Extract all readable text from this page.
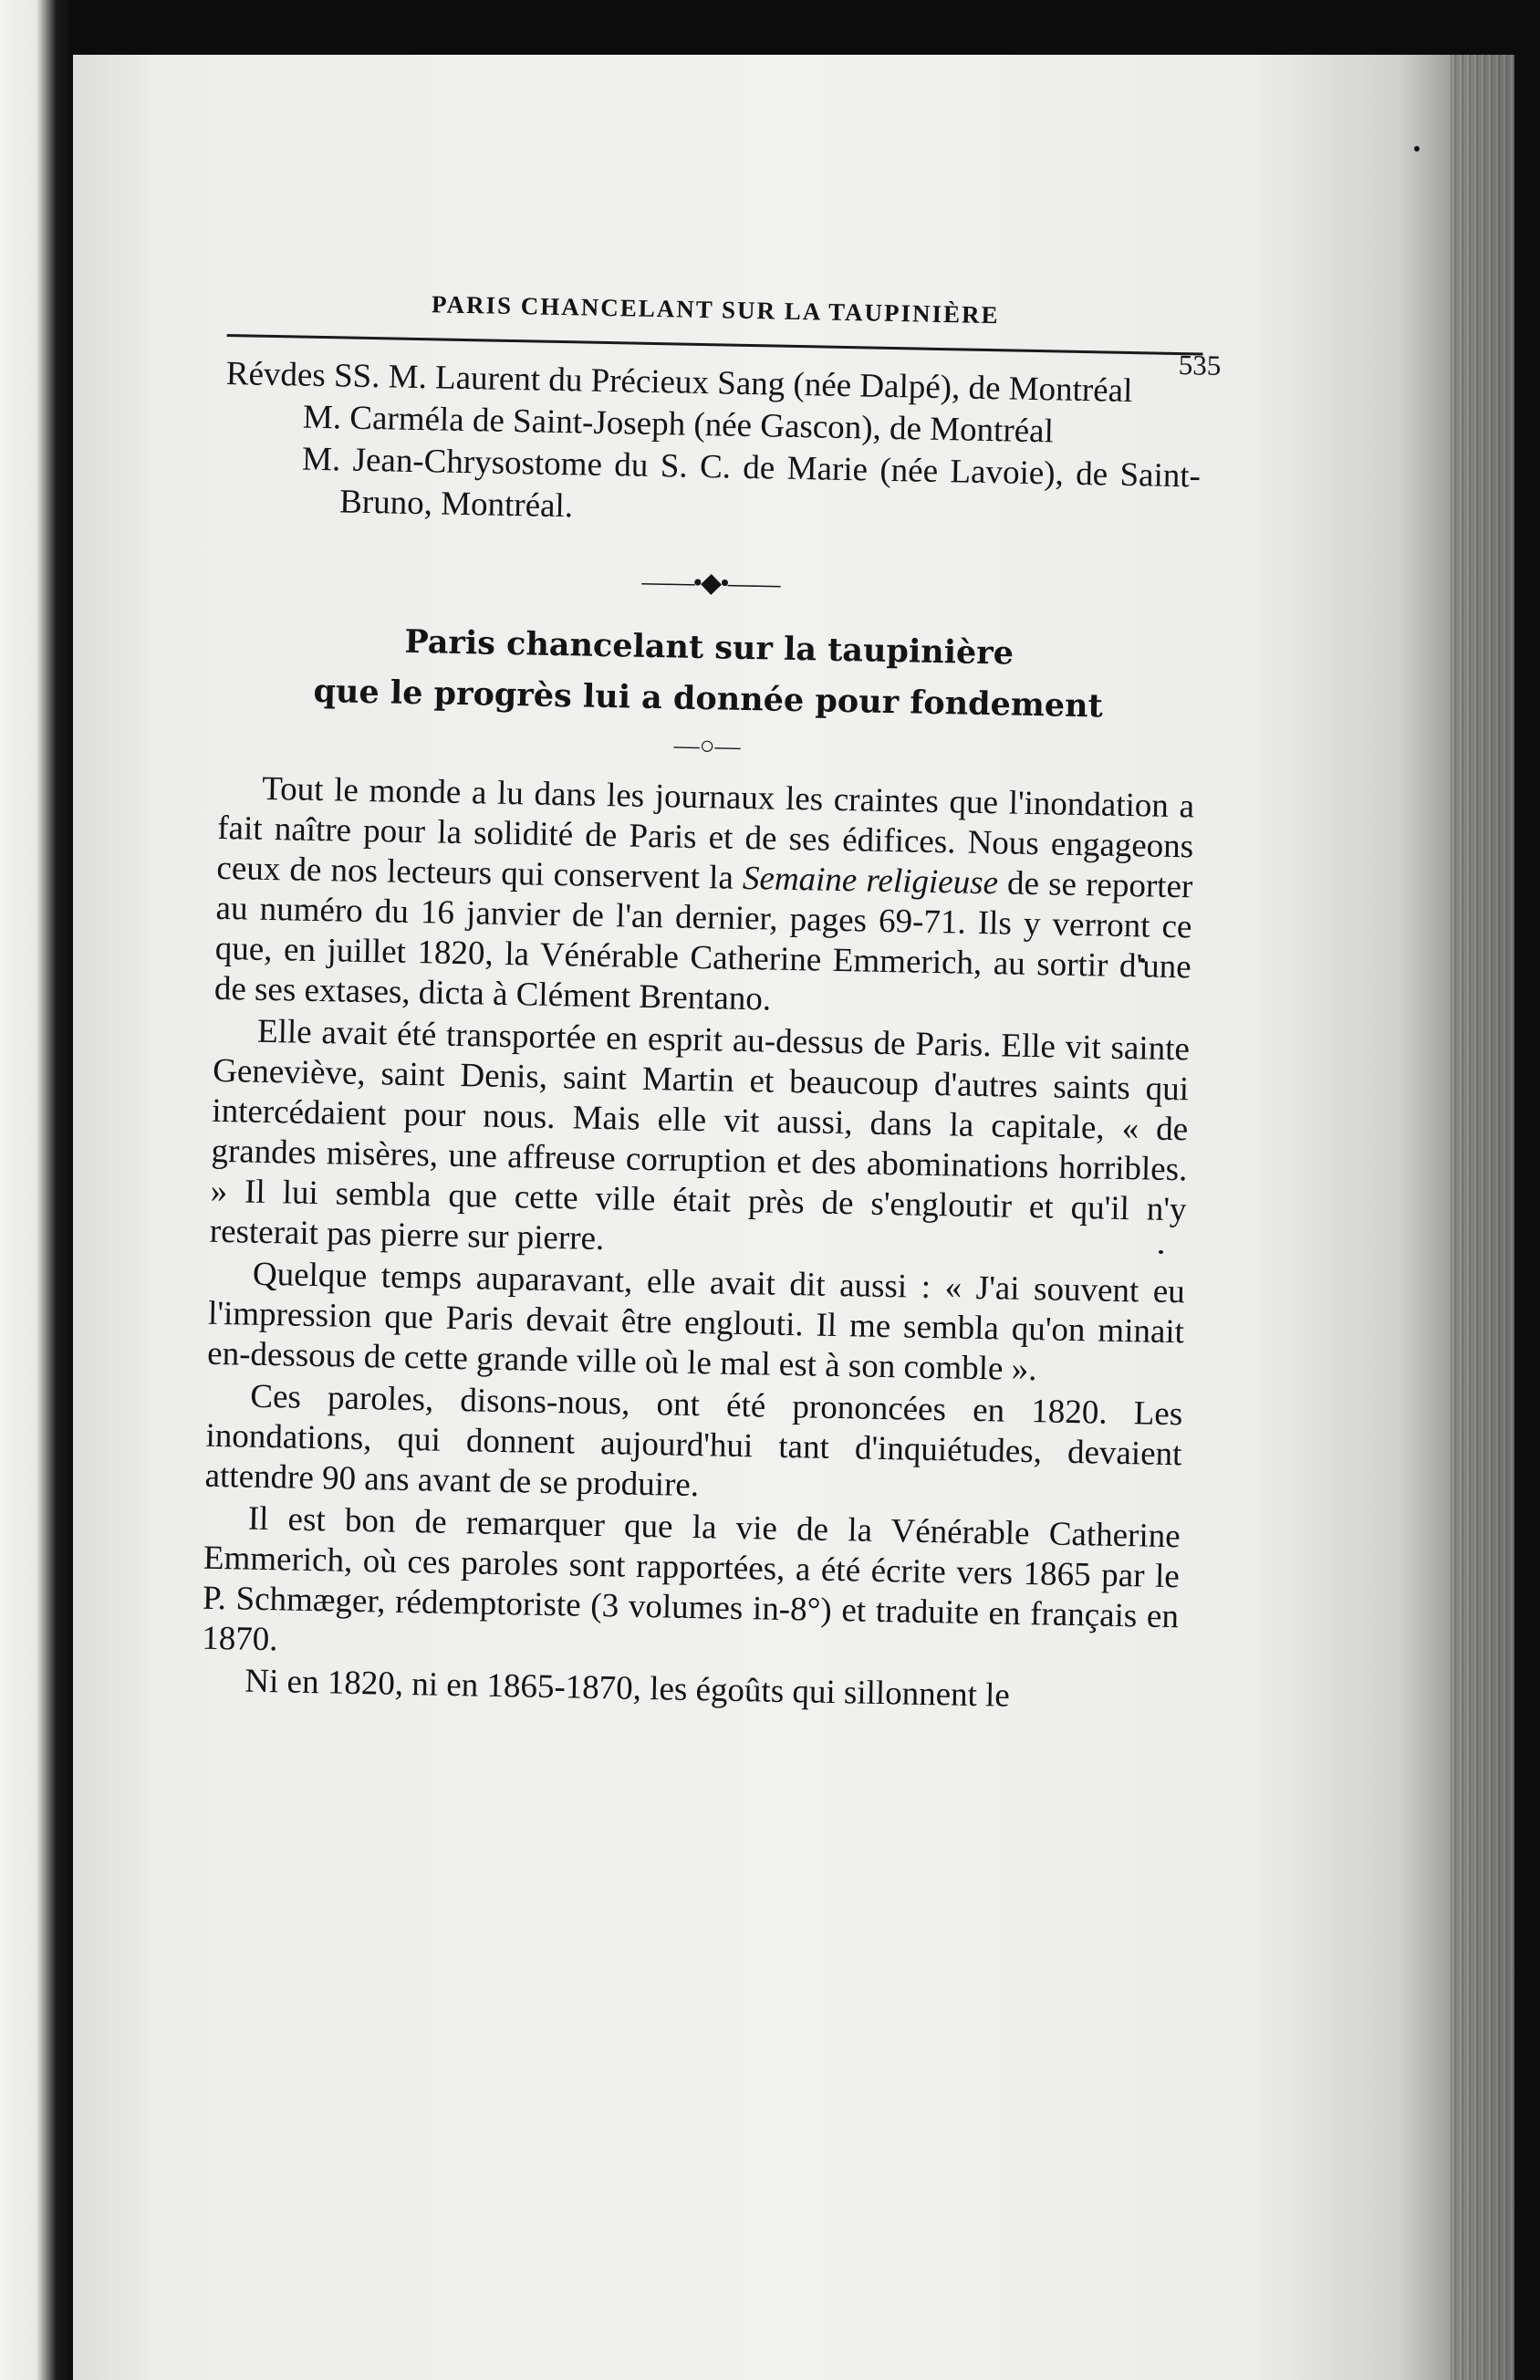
PARIS CHANCELANT SUR LA TAUPINIÈRE
535
Révdes SS. M. Laurent du Précieux Sang (née Dalpé), de Montréal
M. Carméla de Saint-Joseph (née Gascon), de Montréal
M. Jean-Chrysostome du S. C. de Marie (née Lavoie), de Saint-Bruno, Montréal.
——•◆•——
Paris chancelant sur la taupinière
que le progrès lui a donnée pour fondement
—○—

Tout le monde a lu dans les journaux les craintes que l'inondation a fait naître pour la solidité de Paris et de ses édifices. Nous engageons ceux de nos lecteurs qui conservent la Semaine religieuse de se reporter au numéro du 16 janvier de l'an dernier, pages 69-71. Ils y verront ce que, en juillet 1820, la Vénérable Catherine Emmerich, au sortir d'une de ses extases, dicta à Clément Brentano.

Elle avait été transportée en esprit au-dessus de Paris. Elle vit sainte Geneviève, saint Denis, saint Martin et beaucoup d'autres saints qui intercédaient pour nous. Mais elle vit aussi, dans la capitale, « de grandes misères, une affreuse corruption et des abominations horribles. » Il lui sembla que cette ville était près de s'engloutir et qu'il n'y resterait pas pierre sur pierre.

Quelque temps auparavant, elle avait dit aussi : « J'ai souvent eu l'impression que Paris devait être englouti. Il me sembla qu'on minait en-dessous de cette grande ville où le mal est à son comble ».

Ces paroles, disons-nous, ont été prononcées en 1820. Les inondations, qui donnent aujourd'hui tant d'inquiétudes, devaient attendre 90 ans avant de se produire.

Il est bon de remarquer que la vie de la Vénérable Catherine Emmerich, où ces paroles sont rapportées, a été écrite vers 1865 par le P. Schmæger, rédemptoriste (3 volumes in-8°) et traduite en français en 1870.

Ni en 1820, ni en 1865-1870, les égoûts qui sillonnent le
